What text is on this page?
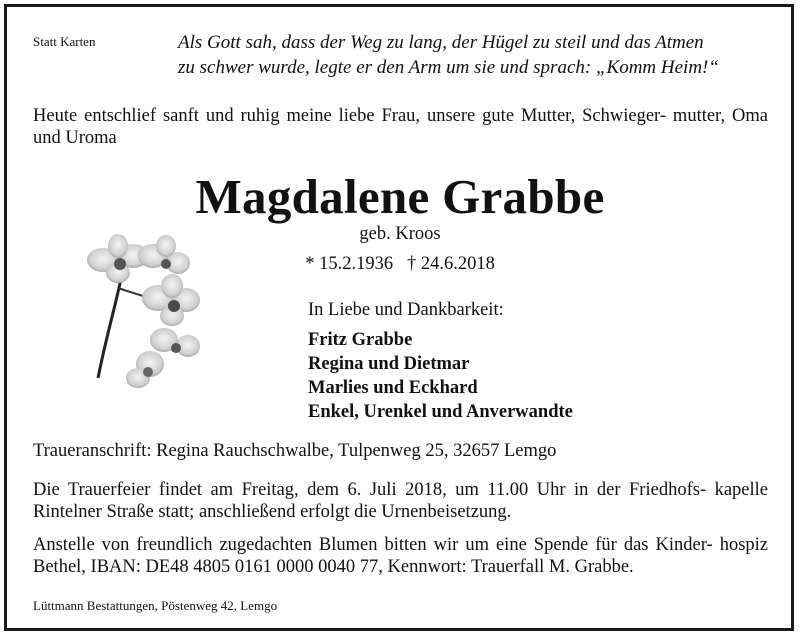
Statt Karten	Als Gott sah, dass der Weg zu lang, der Hügel zu steil und das Atmen
zu schwer wurde, legte er den Arm um sie und sprach: „Komm Heim!“
Heute entschlief sanft und ruhig meine liebe Frau, unsere gute Mutter, Schwieger- mutter, Oma und Uroma
Magdalene Grabbe
geb. Kroos
* 15.2.1936   † 24.6.2018
In Liebe und Dankbarkeit:
Fritz Grabbe
Regina und Dietmar
Marlies und Eckhard
Enkel, Urenkel und Anverwandte
Traueranschrift: Regina Rauchschwalbe, Tulpenweg 25, 32657 Lemgo
Die Trauerfeier findet am Freitag, dem 6. Juli 2018, um 11.00 Uhr in der Friedhofs- kapelle Rintelner Straße statt; anschließend erfolgt die Urnenbeisetzung.
Anstelle von freundlich zugedachten Blumen bitten wir um eine Spende für das Kinder- hospiz Bethel, IBAN: DE48 4805 0161 0000 0040 77, Kennwort: Trauerfall M. Grabbe.
Lüttmann Bestattungen, Pöstenweg 42, Lemgo
